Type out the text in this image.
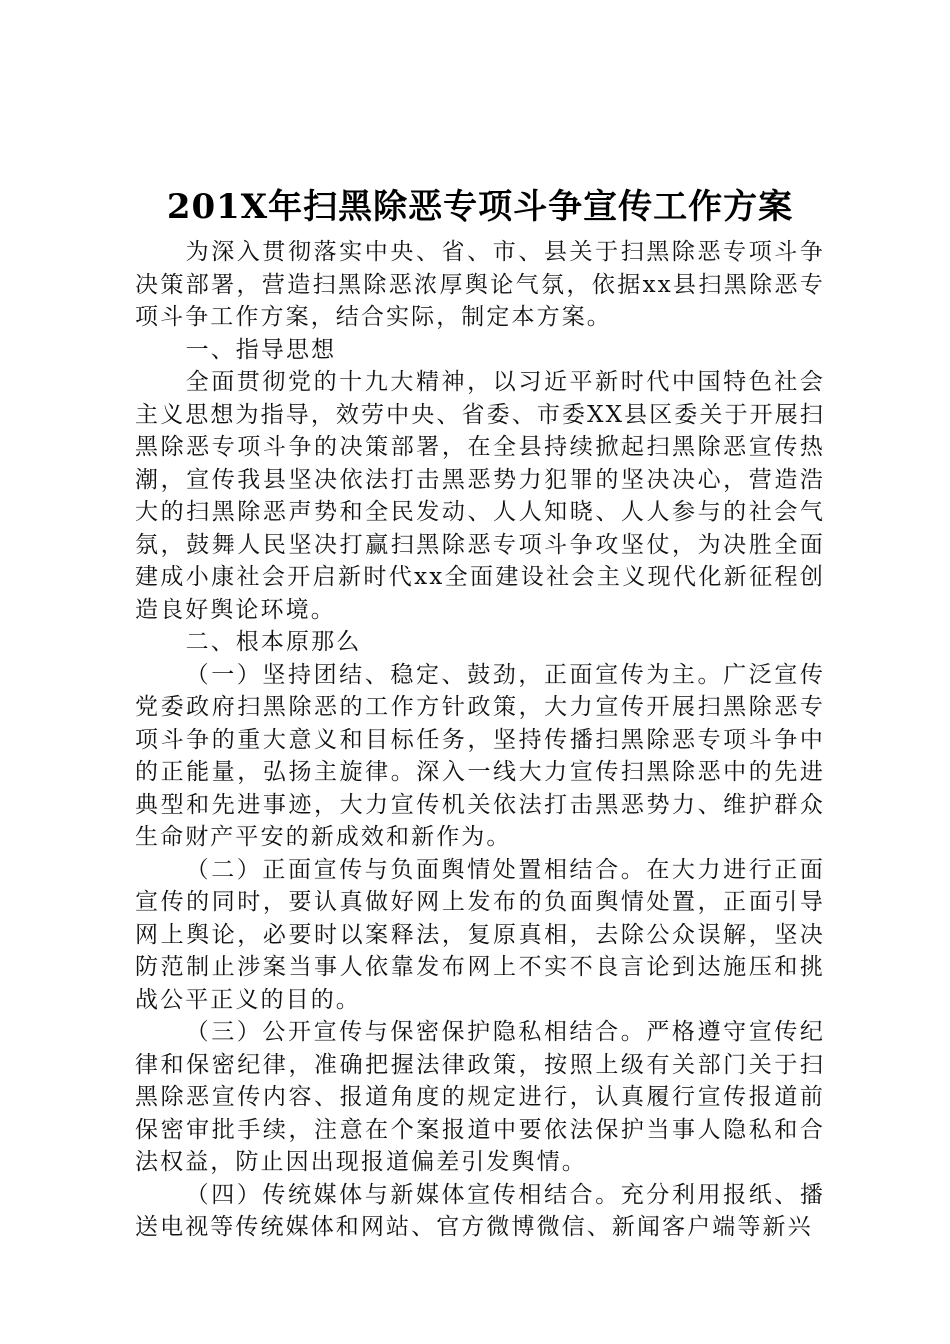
201X年扫黑除恶专项斗争宣传工作方案

为深入贯彻落实中央、省、市、县关于扫黑除恶专项斗争决策部署，营造扫黑除恶浓厚舆论气氛，依据xx县扫黑除恶专项斗争工作方案，结合实际，制定本方案。

一、指导思想

全面贯彻党的十九大精神，以习近平新时代中国特色社会主义思想为指导，效劳中央、省委、市委XX县区委关于开展扫黑除恶专项斗争的决策部署，在全县持续掀起扫黑除恶宣传热潮，宣传我县坚决依法打击黑恶势力犯罪的坚决决心，营造浩大的扫黑除恶声势和全民发动、人人知晓、人人参与的社会气氛，鼓舞人民坚决打赢扫黑除恶专项斗争攻坚仗，为决胜全面建成小康社会开启新时代xx全面建设社会主义现代化新征程创造良好舆论环境。

二、根本原那么

（一）坚持团结、稳定、鼓劲，正面宣传为主。广泛宣传党委政府扫黑除恶的工作方针政策，大力宣传开展扫黑除恶专项斗争的重大意义和目标任务，坚持传播扫黑除恶专项斗争中的正能量，弘扬主旋律。深入一线大力宣传扫黑除恶中的先进典型和先进事迹，大力宣传机关依法打击黑恶势力、维护群众生命财产平安的新成效和新作为。

（二）正面宣传与负面舆情处置相结合。在大力进行正面宣传的同时，要认真做好网上发布的负面舆情处置，正面引导网上舆论，必要时以案释法，复原真相，去除公众误解，坚决防范制止涉案当事人依靠发布网上不实不良言论到达施压和挑战公平正义的目的。

（三）公开宣传与保密保护隐私相结合。严格遵守宣传纪律和保密纪律，准确把握法律政策，按照上级有关部门关于扫黑除恶宣传内容、报道角度的规定进行，认真履行宣传报道前保密审批手续，注意在个案报道中要依法保护当事人隐私和合法权益，防止因出现报道偏差引发舆情。

（四）传统媒体与新媒体宣传相结合。充分利用报纸、播送电视等传统媒体和网站、官方微博微信、新闻客户端等新兴
